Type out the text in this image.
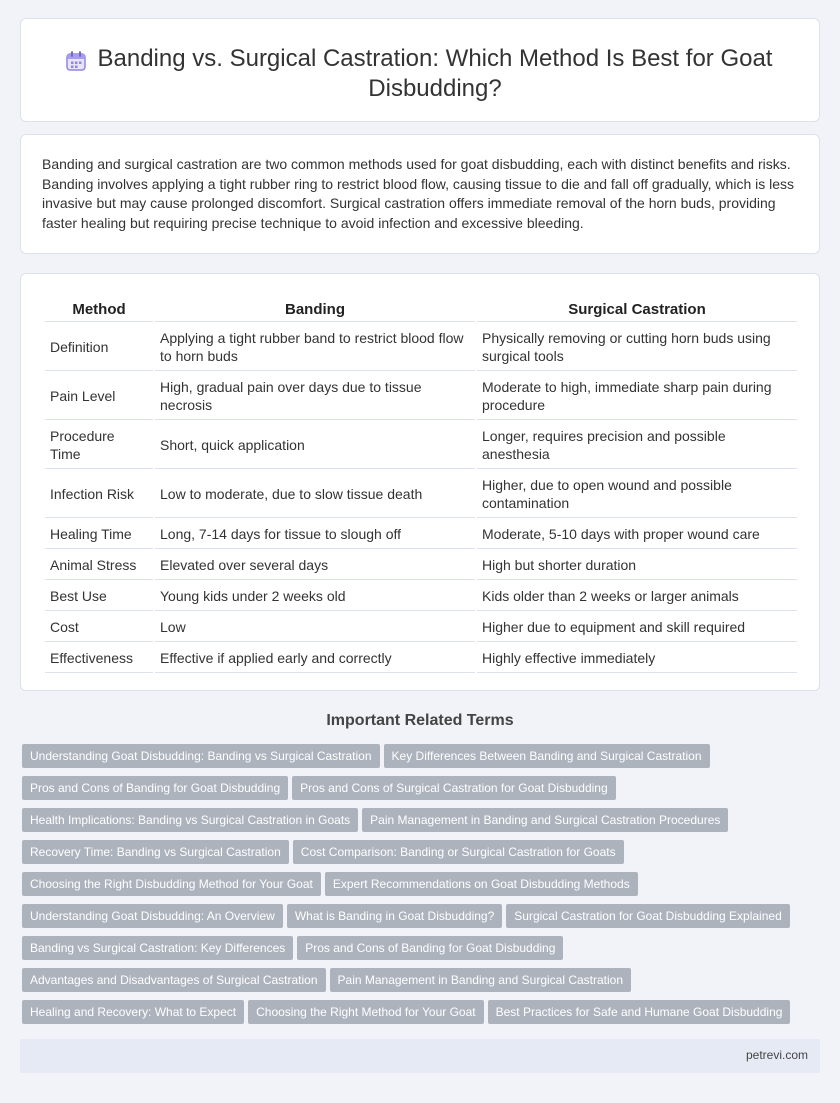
Banding vs. Surgical Castration: Which Method Is Best for Goat Disbudding?

Banding and surgical castration are two common methods used for goat disbudding, each with distinct benefits and risks. Banding involves applying a tight rubber ring to restrict blood flow, causing tissue to die and fall off gradually, which is less invasive but may cause prolonged discomfort. Surgical castration offers immediate removal of the horn buds, providing faster healing but requiring precise technique to avoid infection and excessive bleeding.

Method	Banding	Surgical Castration
Definition	Applying a tight rubber band to restrict blood flow to horn buds	Physically removing or cutting horn buds using surgical tools
Pain Level	High, gradual pain over days due to tissue necrosis	Moderate to high, immediate sharp pain during procedure
Procedure Time	Short, quick application	Longer, requires precision and possible anesthesia
Infection Risk	Low to moderate, due to slow tissue death	Higher, due to open wound and possible contamination
Healing Time	Long, 7-14 days for tissue to slough off	Moderate, 5-10 days with proper wound care
Animal Stress	Elevated over several days	High but shorter duration
Best Use	Young kids under 2 weeks old	Kids older than 2 weeks or larger animals
Cost	Low	Higher due to equipment and skill required
Effectiveness	Effective if applied early and correctly	Highly effective immediately
Important Related Terms
Understanding Goat Disbudding: Banding vs Surgical Castration Key Differences Between Banding and Surgical Castration
Pros and Cons of Banding for Goat Disbudding Pros and Cons of Surgical Castration for Goat Disbudding
Health Implications: Banding vs Surgical Castration in Goats Pain Management in Banding and Surgical Castration Procedures
Recovery Time: Banding vs Surgical Castration Cost Comparison: Banding or Surgical Castration for Goats
Choosing the Right Disbudding Method for Your Goat Expert Recommendations on Goat Disbudding Methods
Understanding Goat Disbudding: An Overview What is Banding in Goat Disbudding? Surgical Castration for Goat Disbudding Explained
Banding vs Surgical Castration: Key Differences Pros and Cons of Banding for Goat Disbudding
Advantages and Disadvantages of Surgical Castration Pain Management in Banding and Surgical Castration
Healing and Recovery: What to Expect Choosing the Right Method for Your Goat Best Practices for Safe and Humane Goat Disbudding
petrevi.com
